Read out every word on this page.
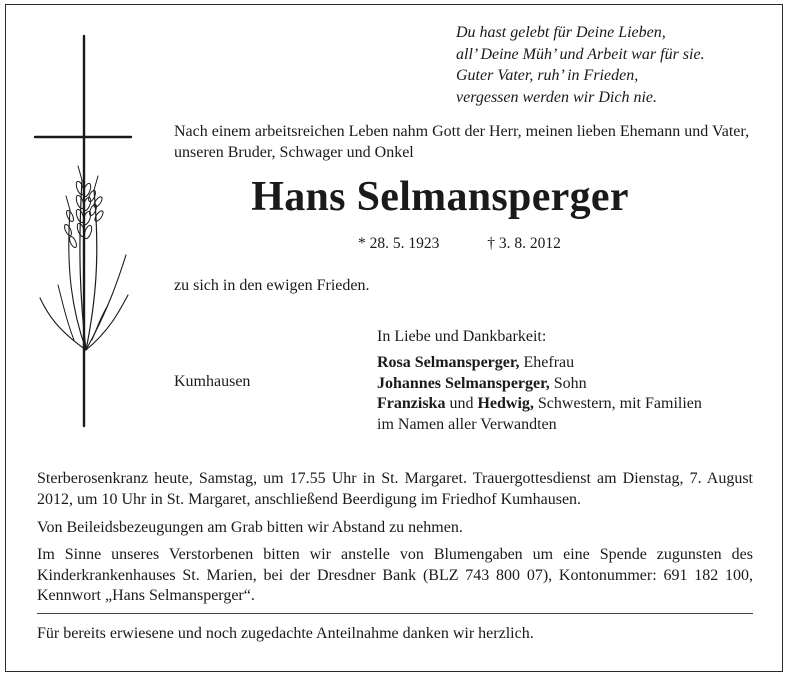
Du hast gelebt für Deine Lieben,
all’ Deine Müh’ und Arbeit war für sie.
Guter Vater, ruh’ in Frieden,
vergessen werden wir Dich nie.
Nach einem arbeitsreichen Leben nahm Gott der Herr, meinen lieben Ehemann und Vater, unseren Bruder, Schwager und Onkel
Hans Selmansperger
* 28. 5. 1923	† 3. 8. 2012
zu sich in den ewigen Frieden.
In Liebe und Dankbarkeit:
Kumhausen
Rosa Selmansperger, Ehefrau
Johannes Selmansperger, Sohn
Franziska und Hedwig, Schwestern, mit Familien
im Namen aller Verwandten
Sterberosenkranz heute, Samstag, um 17.55 Uhr in St. Margaret. Trauergottesdienst am Dienstag, 7. August 2012, um 10 Uhr in St. Margaret, anschließend Beerdigung im Friedhof Kumhausen.
Von Beileidsbezeugungen am Grab bitten wir Abstand zu nehmen.
Im Sinne unseres Verstorbenen bitten wir anstelle von Blumengaben um eine Spende zugunsten des Kinderkrankenhauses St. Marien, bei der Dresdner Bank (BLZ 743 800 07), Kontonummer: 691 182 100, Kennwort „Hans Selmansperger“.
Für bereits erwiesene und noch zugedachte Anteilnahme danken wir herzlich.
